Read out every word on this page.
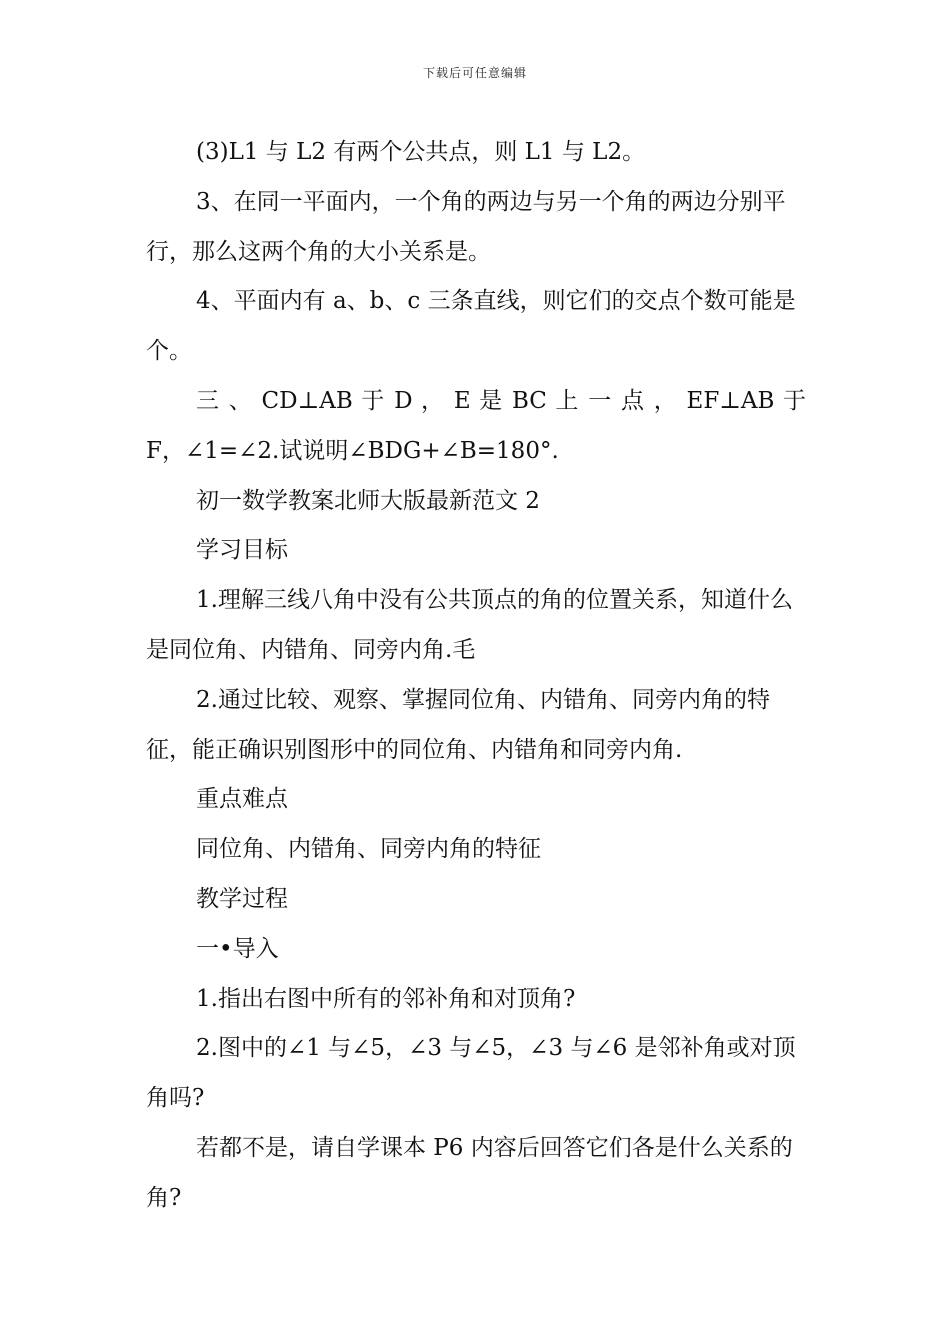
下载后可任意编辑

(3)L1 与 L2 有两个公共点，则 L1 与 L2。

3、在同一平面内，一个角的两边与另一个角的两边分别平行，那么这两个角的大小关系是。

4、平面内有 a、b、c 三条直线，则它们的交点个数可能是个。

三 、 CD⊥AB 于 D ， E 是 BC 上 一 点 ， EF⊥AB 于

F，∠1=∠2.试说明∠BDG+∠B=180°.

初一数学教案北师大版最新范文 2

学习目标

1.理解三线八角中没有公共顶点的角的位置关系，知道什么是同位角、内错角、同旁内角.毛

2.通过比较、观察、掌握同位角、内错角、同旁内角的特征，能正确识别图形中的同位角、内错角和同旁内角.

重点难点

同位角、内错角、同旁内角的特征

教学过程

一•导入

1.指出右图中所有的邻补角和对顶角?

2.图中的∠1 与∠5，∠3 与∠5，∠3 与∠6 是邻补角或对顶角吗?

若都不是，请自学课本 P6 内容后回答它们各是什么关系的角?
